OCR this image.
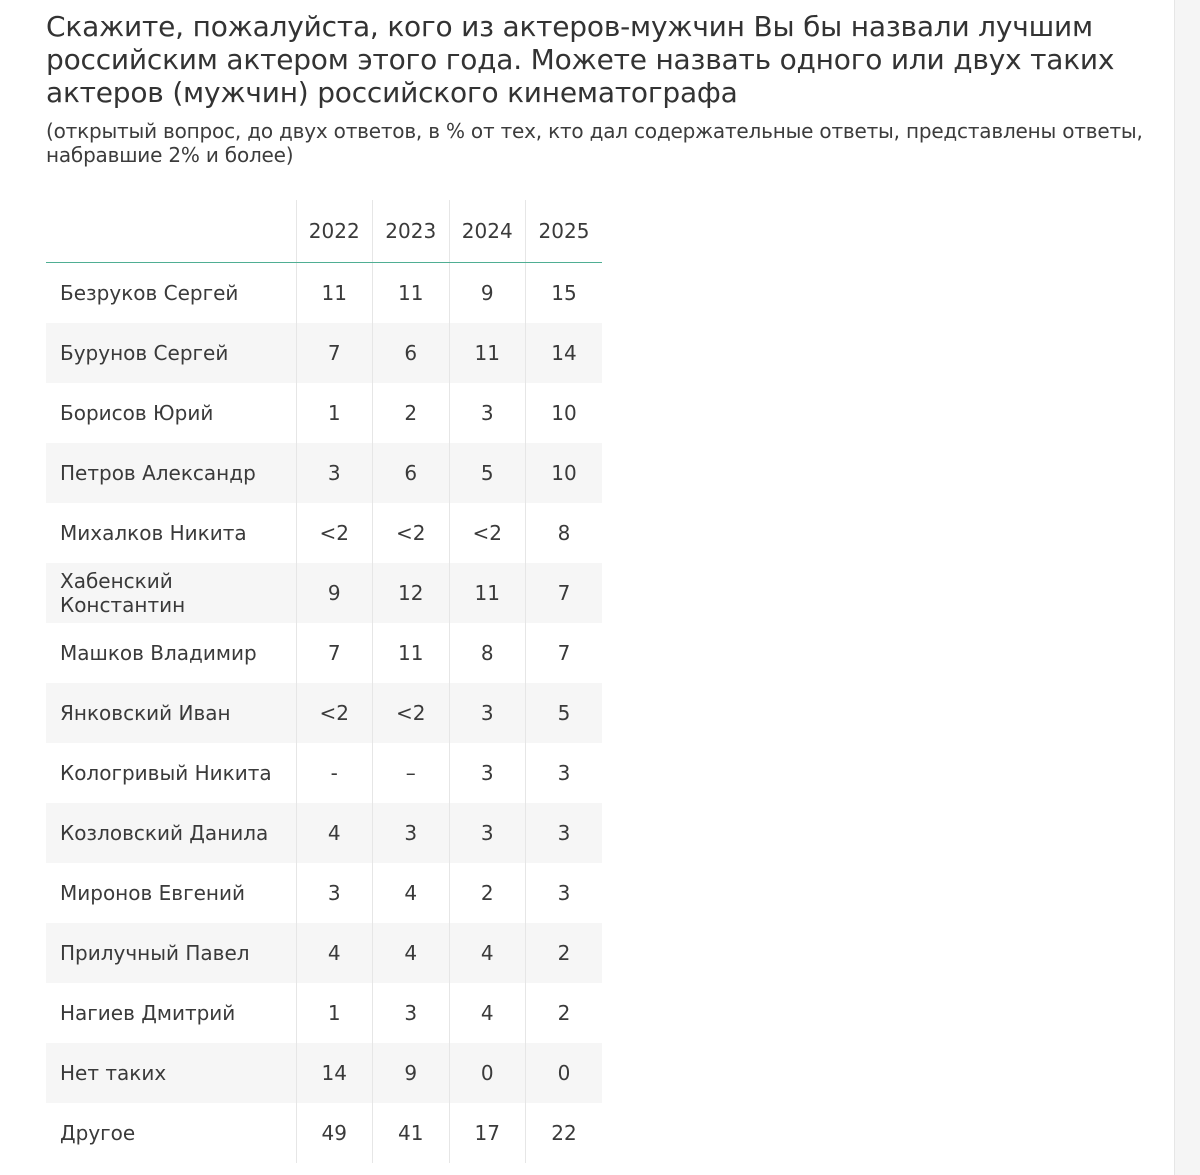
Скажите, пожалуйста, кого из актеров-мужчин Вы бы назвали лучшим российским актером этого года. Можете назвать одного или двух таких актеров (мужчин) российского кинематографа

(открытый вопрос, до двух ответов, в % от тех, кто дал содержательные ответы, представлены ответы, набравшие 2% и более)

	2022	2023	2024	2025
Безруков Сергей	11	11	9	15
Бурунов Сергей	7	6	11	14
Борисов Юрий	1	2	3	10
Петров Александр	3	6	5	10
Михалков Никита	<2	<2	<2	8
Хабенский Константин	9	12	11	7
Машков Владимир	7	11	8	7
Янковский Иван	<2	<2	3	5
Кологривый Никита	-	–	3	3
Козловский Данила	4	3	3	3
Миронов Евгений	3	4	2	3
Прилучный Павел	4	4	4	2
Нагиев Дмитрий	1	3	4	2
Нет таких	14	9	0	0
Другое	49	41	17	22
